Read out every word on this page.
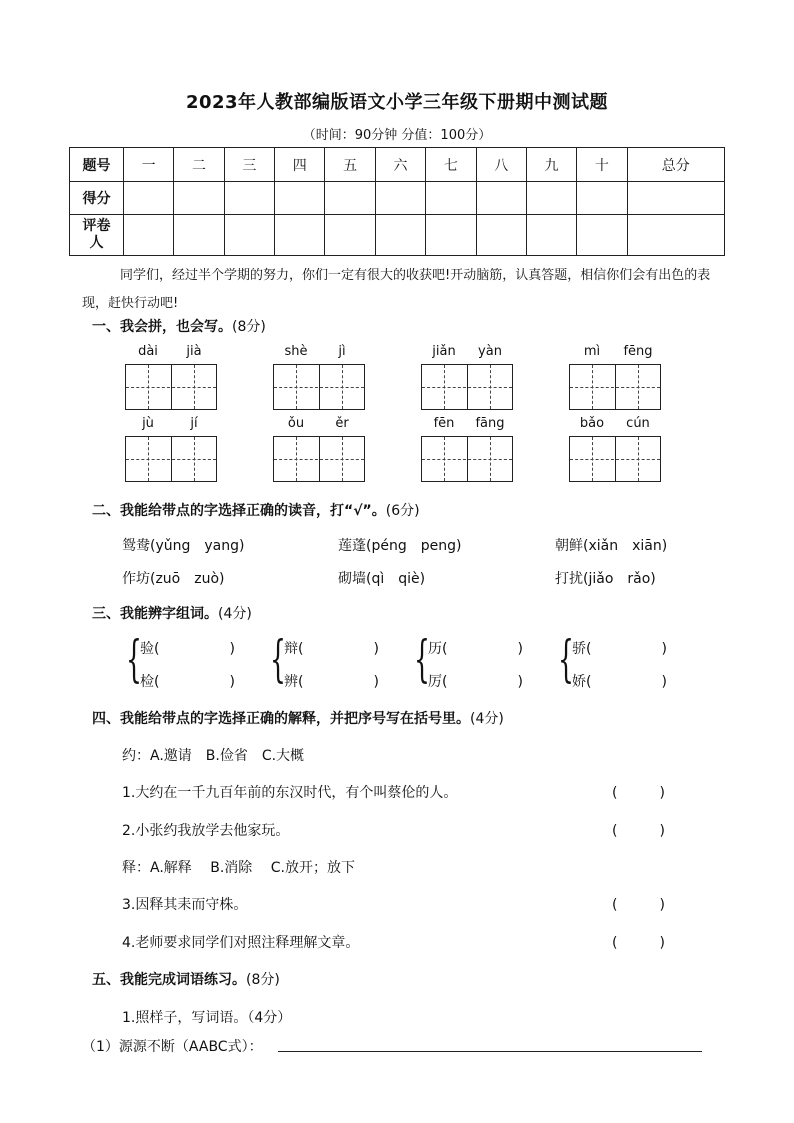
2023年人教部编版语文小学三年级下册期中测试题
（时间：90分钟 分值：100分）
题号	一	二	三	四	五	六	七	八	九	十	总分
得分											
评卷人											
同学们，经过半个学期的努力，你们一定有很大的收获吧!开动脑筋，认真答题，相信你们会有出色的表现，赶快行动吧!
一、我会拼，也会写。(8分)
dài	jià	shè	jì	jiǎn	yàn	mì	fēng
jù	jí	ǒu	ěr	fēn	fāng	bǎo	cún
二、我能给带点的字选择正确的读音，打“√”。(6分)
鸳鸯(yǔng　yang)	莲蓬(péng　peng)	朝鲜(xiǎn　xiān)
作坊(zuō　zuò)	砌墙(qì　qiè)	打扰(jiǎo　rǎo)
三、我能辨字组词。(4分)
{
验(	)
检(	) {
辩(	)
辨(	) {
历(	)
厉(	) {
骄(	)
娇(	)
四、我能给带点的字选择正确的解释，并把序号写在括号里。(4分)
约：A.邀请　B.俭省　C.大概
1.大约在一千九百年前的东汉时代，有个叫蔡伦的人。	(　　　)
2.小张约我放学去他家玩。	(　　　)
释：A.解释　 B.消除　 C.放开；放下
3.因释其耒而守株。	(　　　)
4.老师要求同学们对照注释理解文章。	(　　　)
五、我能完成词语练习。(8分)
1.照样子，写词语。（4分）
（1）源源不断（AABC式）：
